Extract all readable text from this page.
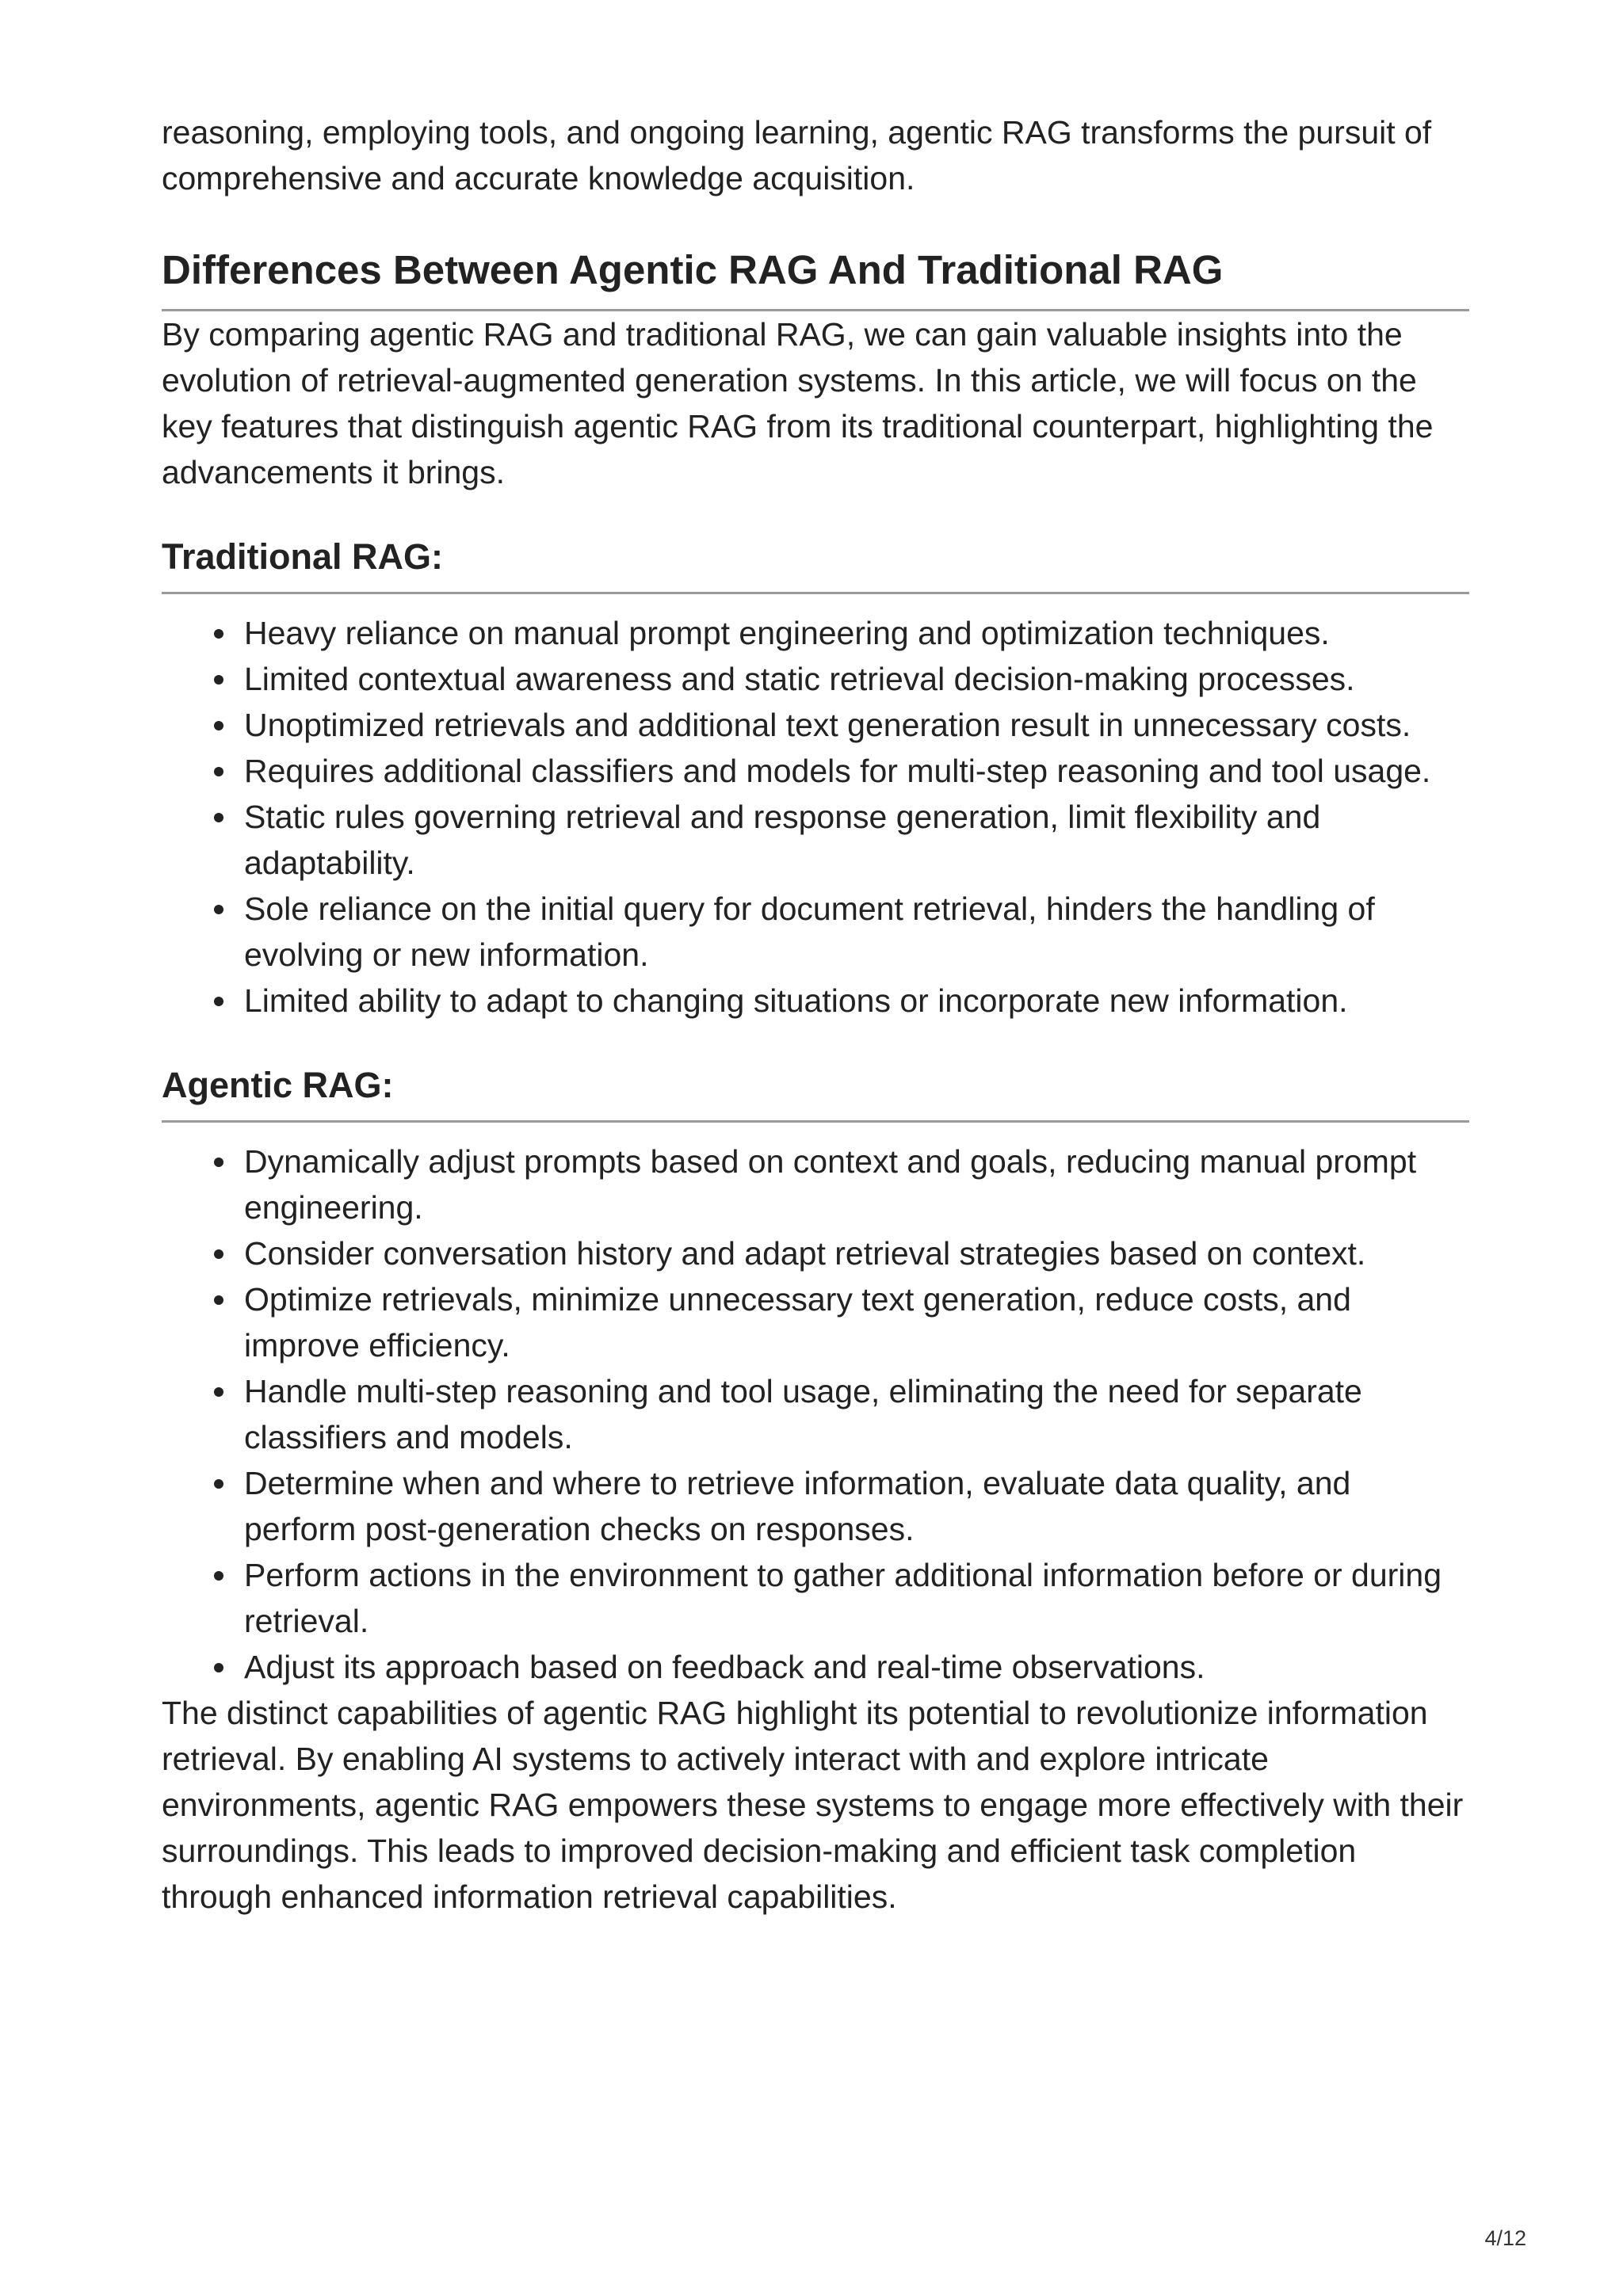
reasoning, employing tools, and ongoing learning, agentic RAG transforms the pursuit of comprehensive and accurate knowledge acquisition.

Differences Between Agentic RAG And Traditional RAG

By comparing agentic RAG and traditional RAG, we can gain valuable insights into the evolution of retrieval-augmented generation systems. In this article, we will focus on the key features that distinguish agentic RAG from its traditional counterpart, highlighting the advancements it brings.

Traditional RAG:
Heavy reliance on manual prompt engineering and optimization techniques.
Limited contextual awareness and static retrieval decision-making processes.
Unoptimized retrievals and additional text generation result in unnecessary costs.
Requires additional classifiers and models for multi-step reasoning and tool usage.
Static rules governing retrieval and response generation, limit flexibility and adaptability.
Sole reliance on the initial query for document retrieval, hinders the handling of evolving or new information.
Limited ability to adapt to changing situations or incorporate new information.
Agentic RAG:
Dynamically adjust prompts based on context and goals, reducing manual prompt engineering.
Consider conversation history and adapt retrieval strategies based on context.
Optimize retrievals, minimize unnecessary text generation, reduce costs, and improve efficiency.
Handle multi-step reasoning and tool usage, eliminating the need for separate classifiers and models.
Determine when and where to retrieve information, evaluate data quality, and perform post-generation checks on responses.
Perform actions in the environment to gather additional information before or during retrieval.
Adjust its approach based on feedback and real-time observations.

The distinct capabilities of agentic RAG highlight its potential to revolutionize information retrieval. By enabling AI systems to actively interact with and explore intricate environments, agentic RAG empowers these systems to engage more effectively with their surroundings. This leads to improved decision-making and efficient task completion through enhanced information retrieval capabilities.

4/12
